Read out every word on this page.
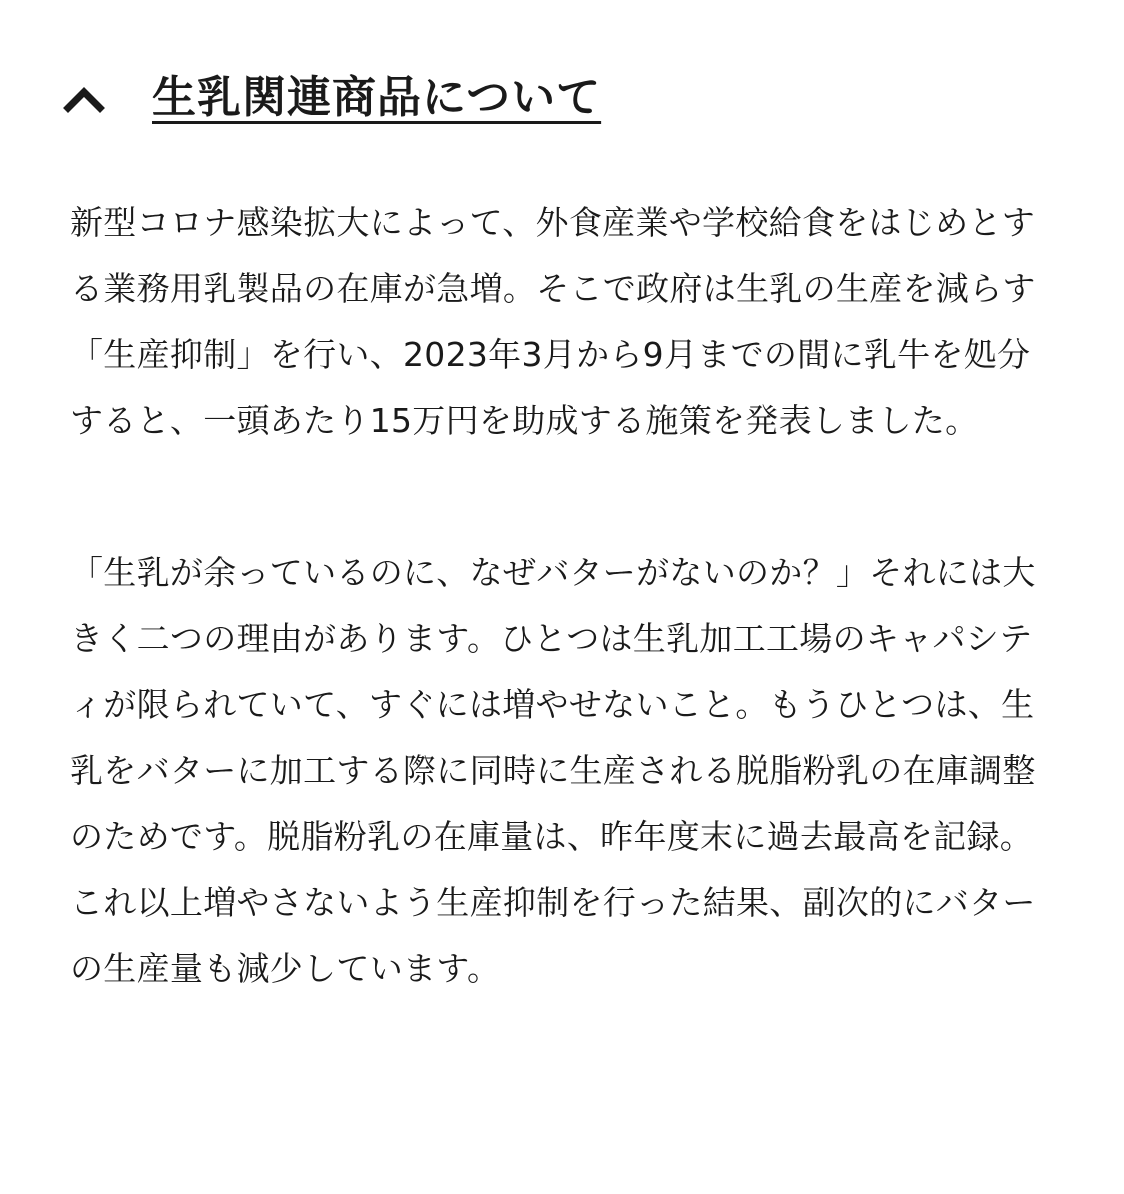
生乳関連商品について

新型コロナ感染拡大によって、外食産業や学校給食をはじめとする業務用乳製品の在庫が急増。そこで政府は生乳の生産を減らす「生産抑制」を行い、2023年3月から9月までの間に乳牛を処分すると、一頭あたり15万円を助成する施策を発表しました。

「生乳が余っているのに、なぜバターがないのか？」それには大きく二つの理由があります。ひとつは生乳加工工場のキャパシティが限られていて、すぐには増やせないこと。もうひとつは、生乳をバターに加工する際に同時に生産される脱脂粉乳の在庫調整のためです。脱脂粉乳の在庫量は、昨年度末に過去最高を記録。これ以上増やさないよう生産抑制を行った結果、副次的にバターの生産量も減少しています。
